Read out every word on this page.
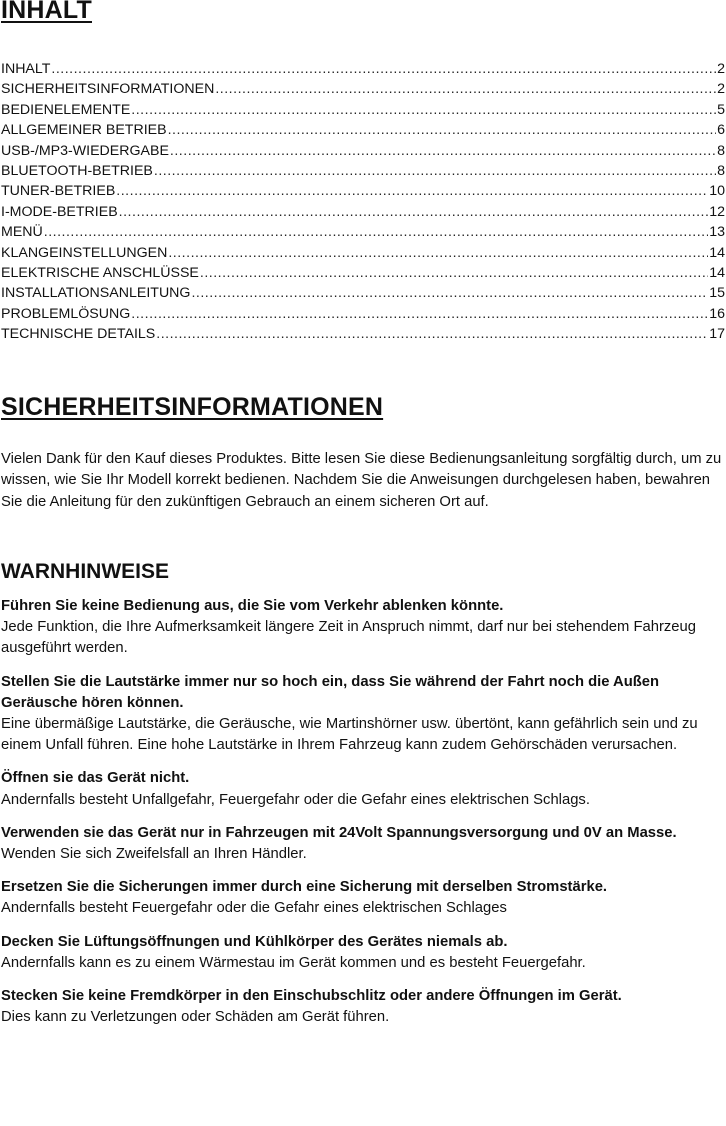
INHALT
INHALT .....	2
SICHERHEITSINFORMATIONEN .....	2
BEDIENELEMENTE .....	5
ALLGEMEINER BETRIEB .....	6
USB-/MP3-WIEDERGABE .....	8
BLUETOOTH-BETRIEB .....	8
TUNER-BETRIEB .....	10
I-MODE-BETRIEB .....	12
MENÜ .....	13
KLANGEINSTELLUNGEN .....	14
ELEKTRISCHE ANSCHLÜSSE .....	14
INSTALLATIONSANLEITUNG .....	15
PROBLEMLÖSUNG .....	16
TECHNISCHE DETAILS .....	17
SICHERHEITSINFORMATIONEN

Vielen Dank für den Kauf dieses Produktes. Bitte lesen Sie diese Bedienungsanleitung sorgfältig durch, um zu wissen, wie Sie Ihr Modell korrekt bedienen. Nachdem Sie die Anweisungen durchgelesen haben, bewahren Sie die Anleitung für den zukünftigen Gebrauch an einem sicheren Ort auf.

WARNHINWEISE
Führen Sie keine Bedienung aus, die Sie vom Verkehr ablenken könnte.
Jede Funktion, die Ihre Aufmerksamkeit längere Zeit in Anspruch nimmt, darf nur bei stehendem Fahrzeug ausgeführt werden.
Stellen Sie die Lautstärke immer nur so hoch ein, dass Sie während der Fahrt noch die Außen Geräusche hören können.
Eine übermäßige Lautstärke, die Geräusche, wie Martinshörner usw. übertönt, kann gefährlich sein und zu einem Unfall führen. Eine hohe Lautstärke in Ihrem Fahrzeug kann zudem Gehörschäden verursachen.
Öffnen sie das Gerät nicht.
Andernfalls besteht Unfallgefahr, Feuergefahr oder die Gefahr eines elektrischen Schlags.
Verwenden sie das Gerät nur in Fahrzeugen mit 24Volt Spannungsversorgung und 0V an Masse.
Wenden Sie sich Zweifelsfall an Ihren Händler.
Ersetzen Sie die Sicherungen immer durch eine Sicherung mit derselben Stromstärke.
Andernfalls besteht Feuergefahr oder die Gefahr eines elektrischen Schlages
Decken Sie Lüftungsöffnungen und Kühlkörper des Gerätes niemals ab.
Andernfalls kann es zu einem Wärmestau im Gerät kommen und es besteht Feuergefahr.
Stecken Sie keine Fremdkörper in den Einschubschlitz oder andere Öffnungen im Gerät.
Dies kann zu Verletzungen oder Schäden am Gerät führen.
